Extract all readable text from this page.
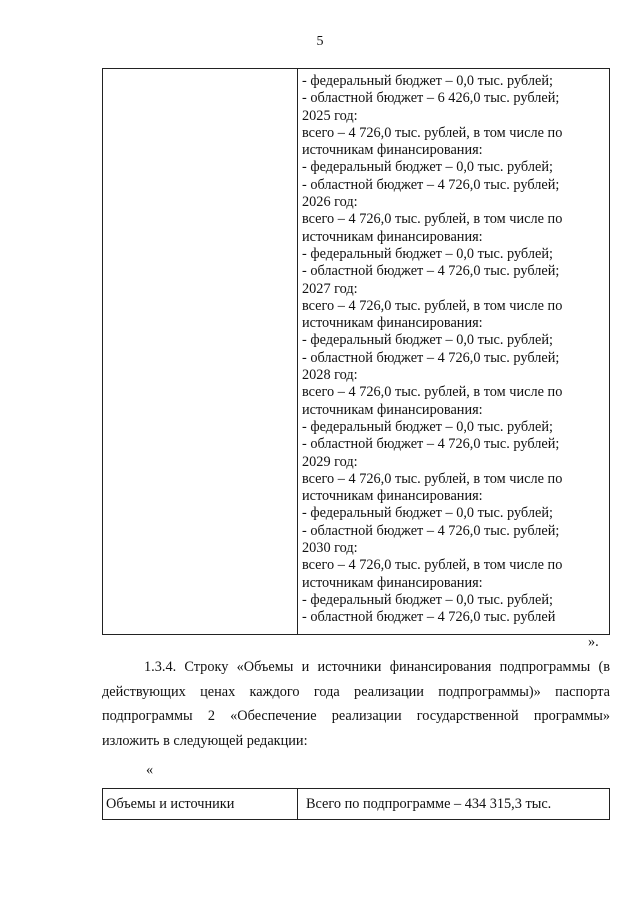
5
- федеральный бюджет – 0,0 тыс. рублей;
- областной бюджет – 6 426,0 тыс. рублей;
2025 год:
всего – 4 726,0 тыс. рублей, в том числе по
источникам финансирования:
- федеральный бюджет – 0,0 тыс. рублей;
- областной бюджет – 4 726,0 тыс. рублей;
2026 год:
всего – 4 726,0 тыс. рублей, в том числе по
источникам финансирования:
- федеральный бюджет – 0,0 тыс. рублей;
- областной бюджет – 4 726,0 тыс. рублей;
2027 год:
всего – 4 726,0 тыс. рублей, в том числе по
источникам финансирования:
- федеральный бюджет – 0,0 тыс. рублей;
- областной бюджет – 4 726,0 тыс. рублей;
2028 год:
всего – 4 726,0 тыс. рублей, в том числе по
источникам финансирования:
- федеральный бюджет – 0,0 тыс. рублей;
- областной бюджет – 4 726,0 тыс. рублей;
2029 год:
всего – 4 726,0 тыс. рублей, в том числе по
источникам финансирования:
- федеральный бюджет – 0,0 тыс. рублей;
- областной бюджет – 4 726,0 тыс. рублей;
2030 год:
всего – 4 726,0 тыс. рублей, в том числе по
источникам финансирования:
- федеральный бюджет – 0,0 тыс. рублей;
- областной бюджет – 4 726,0 тыс. рублей
».
1.3.4. Строку «Объемы и источники финансирования подпрограммы (в действующих ценах каждого года реализации подпрограммы)» паспорта подпрограммы 2 «Обеспечение реализации государственной программы» изложить в следующей редакции:
«
Объемы и источники	Всего по подпрограмме – 434 315,3 тыс.
